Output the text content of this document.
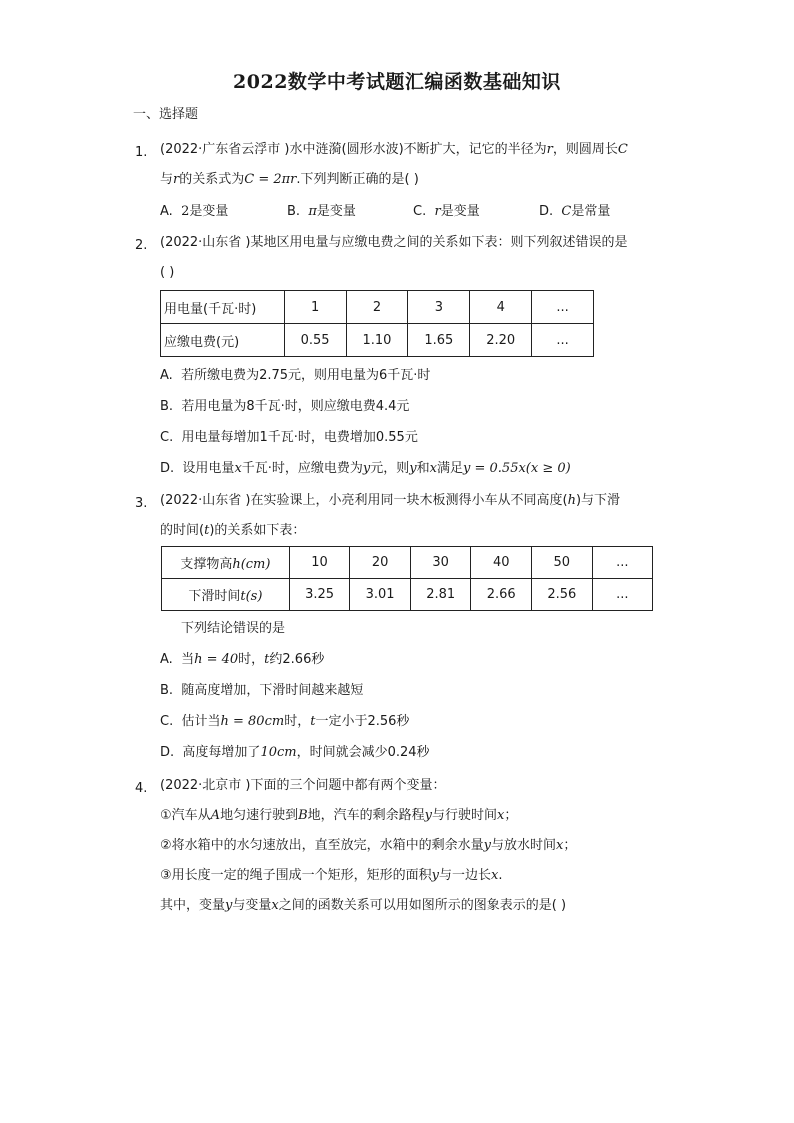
2022数学中考试题汇编函数基础知识
一、选择题
1. (2022·广东省云浮市 )水中涟漪(圆形水波)不断扩大，记它的半径为r，则圆周长C
与r的关系式为C = 2πr.下列判断正确的是( )
A. 2是变量	B. π是变量	C. r是变量	D. C是常量
2. (2022·山东省 )某地区用电量与应缴电费之间的关系如下表：则下列叙述错误的是
( )
用电量(千瓦·时)	1	2	3	4	...
应缴电费(元)	0.55	1.10	1.65	2.20	...
A. 若所缴电费为2.75元，则用电量为6千瓦·时
B. 若用电量为8千瓦·时，则应缴电费4.4元
C. 用电量每增加1千瓦·时，电费增加0.55元
D. 设用电量x千瓦·时，应缴电费为y元，则y和x满足y = 0.55x(x ≥ 0)
3. (2022·山东省 )在实验课上，小亮利用同一块木板测得小车从不同高度(h)与下滑
的时间(t)的关系如下表：
支撑物高h(cm)	10	20	30	40	50	...
下滑时间t(s)	3.25	3.01	2.81	2.66	2.56	...
下列结论错误的是
A. 当h = 40时，t约2.66秒
B. 随高度增加，下滑时间越来越短
C. 估计当h = 80cm时，t一定小于2.56秒
D. 高度每增加了10cm，时间就会减少0.24秒
4. (2022·北京市 )下面的三个问题中都有两个变量：
①汽车从A地匀速行驶到B地，汽车的剩余路程y与行驶时间x；
②将水箱中的水匀速放出，直至放完，水箱中的剩余水量y与放水时间x；
③用长度一定的绳子围成一个矩形，矩形的面积y与一边长x.
其中，变量y与变量x之间的函数关系可以用如图所示的图象表示的是( )
